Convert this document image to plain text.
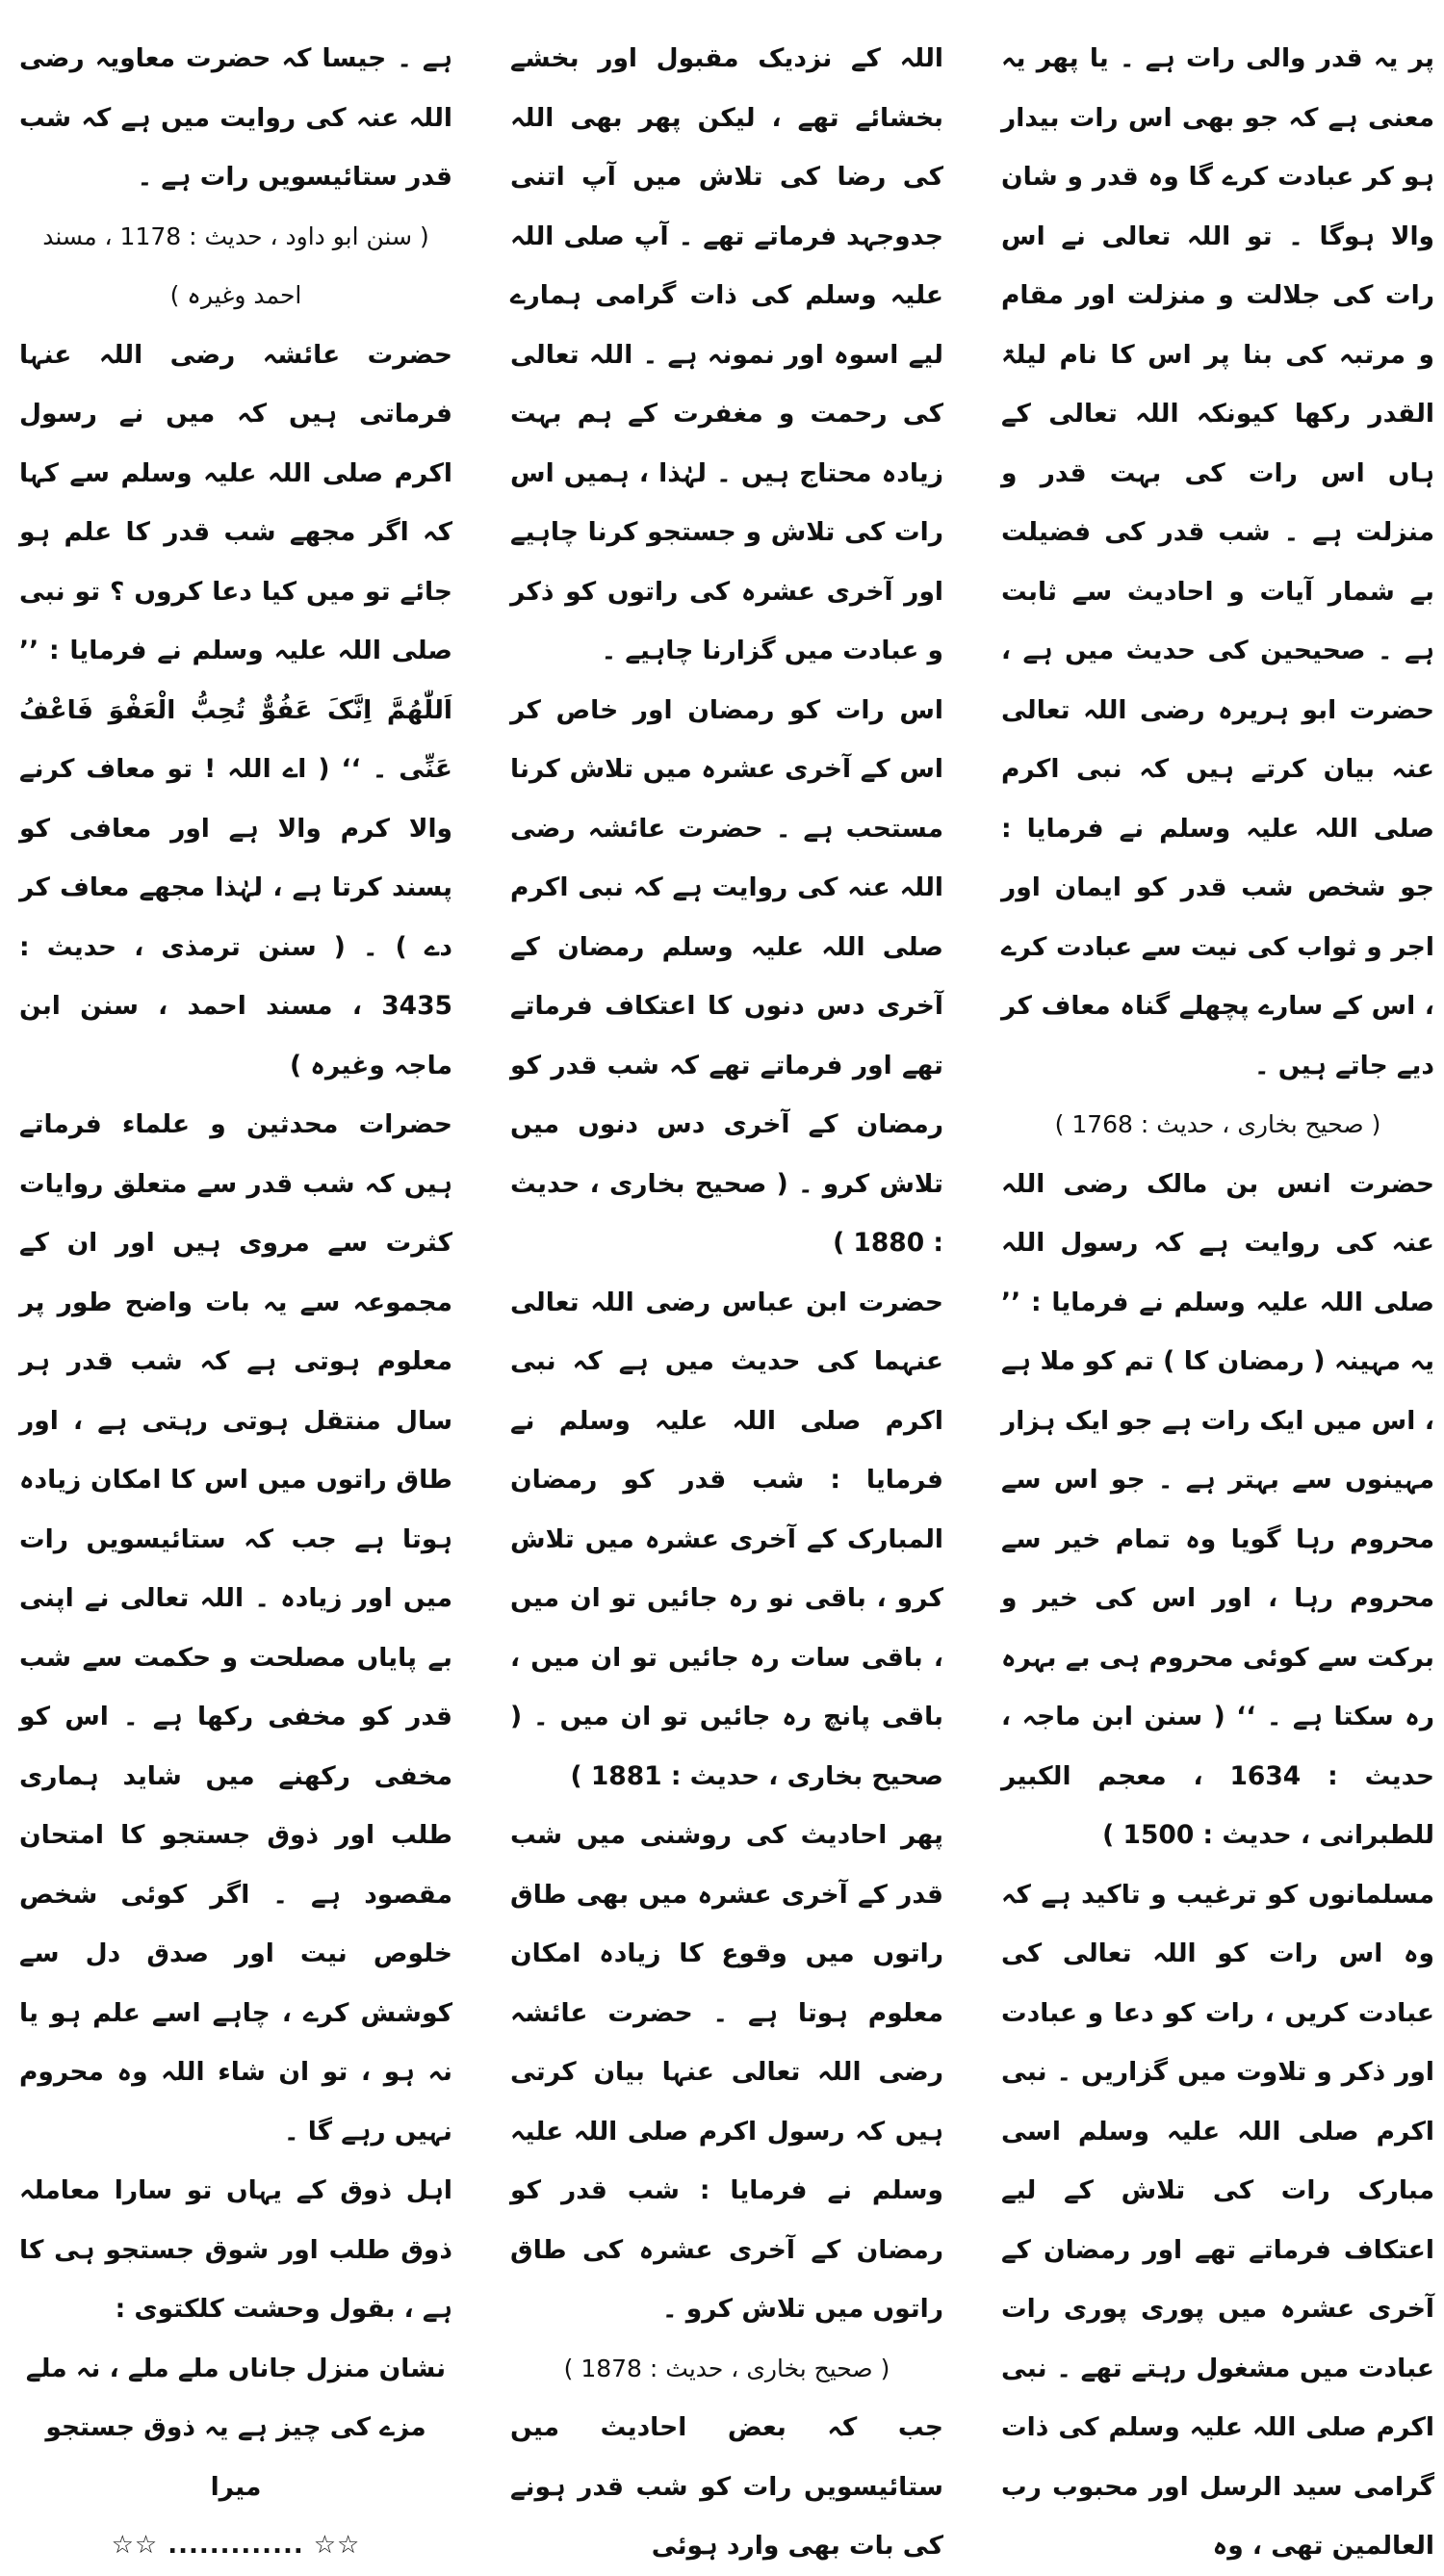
پر یہ قدر والی رات ہے ۔ یا پھر یہ معنی ہے کہ جو بھی اس رات بیدار ہو کر عبادت کرے گا وہ قدر و شان والا ہوگا ۔ تو اللہ تعالی نے اس رات کی جلالت و منزلت اور مقام و مرتبہ کی بنا پر اس کا نام لیلۃ القدر رکھا کیونکہ اللہ تعالی کے ہاں اس رات کی بہت قدر و منزلت ہے ۔ شب قدر کی فضیلت بے شمار آیات و احادیث سے ثابت ہے ۔ صحیحین کی حدیث میں ہے ، حضرت ابو ہریرہ رضی اللہ تعالی عنہ بیان کرتے ہیں کہ نبی اکرم صلی اللہ علیہ وسلم نے فرمایا : جو شخص شب قدر کو ایمان اور اجر و ثواب کی نیت سے عبادت کرے ، اس کے سارے پچھلے گناہ معاف کر دیے جاتے ہیں ۔

( صحیح بخاری ، حدیث : 1768 )

حضرت انس بن مالک رضی اللہ عنہ کی روایت ہے کہ رسول اللہ صلی اللہ علیہ وسلم نے فرمایا : ’’ یہ مہینہ ( رمضان کا ) تم کو ملا ہے ، اس میں ایک رات ہے جو ایک ہزار مہینوں سے بہتر ہے ۔ جو اس سے محروم رہا گویا وہ تمام خیر سے محروم رہا ، اور اس کی خیر و برکت سے کوئی محروم ہی بے بہرہ رہ سکتا ہے ۔ ‘‘ ( سنن ابن ماجہ ، حدیث : 1634 ، معجم الکبیر للطبرانی ، حدیث : 1500 )

مسلمانوں کو ترغیب و تاکید ہے کہ وہ اس رات کو اللہ تعالی کی عبادت کریں ، رات کو دعا و عبادت اور ذکر و تلاوت میں گزاریں ۔ نبی اکرم صلی اللہ علیہ وسلم اسی مبارک رات کی تلاش کے لیے اعتکاف فرماتے تھے اور رمضان کے آخری عشرہ میں پوری پوری رات عبادت میں مشغول رہتے تھے ۔ نبی اکرم صلی اللہ علیہ وسلم کی ذات گرامی سید الرسل اور محبوب رب العالمین تھی ، وہ

اللہ کے نزدیک مقبول اور بخشے بخشائے تھے ، لیکن پھر بھی اللہ کی رضا کی تلاش میں آپ اتنی جدوجہد فرماتے تھے ۔ آپ صلی اللہ علیہ وسلم کی ذات گرامی ہمارے لیے اسوہ اور نمونہ ہے ۔ اللہ تعالی کی رحمت و مغفرت کے ہم بہت زیادہ محتاج ہیں ۔ لہٰذا ، ہمیں اس رات کی تلاش و جستجو کرنا چاہیے اور آخری عشرہ کی راتوں کو ذکر و عبادت میں گزارنا چاہیے ۔

اس رات کو رمضان اور خاص کر اس کے آخری عشرہ میں تلاش کرنا مستحب ہے ۔ حضرت عائشہ رضی اللہ عنہ کی روایت ہے کہ نبی اکرم صلی اللہ علیہ وسلم رمضان کے آخری دس دنوں کا اعتکاف فرماتے تھے اور فرماتے تھے کہ شب قدر کو رمضان کے آخری دس دنوں میں تلاش کرو ۔ ( صحیح بخاری ، حدیث : 1880 )

حضرت ابن عباس رضی اللہ تعالی عنہما کی حدیث میں ہے کہ نبی اکرم صلی اللہ علیہ وسلم نے فرمایا : شب قدر کو رمضان المبارک کے آخری عشرہ میں تلاش کرو ، باقی نو رہ جائیں تو ان میں ، باقی سات رہ جائیں تو ان میں ، باقی پانچ رہ جائیں تو ان میں ۔ ( صحیح بخاری ، حدیث : 1881 )

پھر احادیث کی روشنی میں شب قدر کے آخری عشرہ میں بھی طاق راتوں میں وقوع کا زیادہ امکان معلوم ہوتا ہے ۔ حضرت عائشہ رضی اللہ تعالی عنہا بیان کرتی ہیں کہ رسول اکرم صلی اللہ علیہ وسلم نے فرمایا : شب قدر کو رمضان کے آخری عشرہ کی طاق راتوں میں تلاش کرو ۔

( صحیح بخاری ، حدیث : 1878 )

جب کہ بعض احادیث میں ستائیسویں رات کو شب قدر ہونے کی بات بھی وارد ہوئی

ہے ۔ جیسا کہ حضرت معاویہ رضی اللہ عنہ کی روایت میں ہے کہ شب قدر ستائیسویں رات ہے ۔

( سنن ابو داود ، حدیث : 1178 ، مسند احمد وغیرہ )

حضرت عائشہ رضی اللہ عنہا فرماتی ہیں کہ میں نے رسول اکرم صلی اللہ علیہ وسلم سے کہا کہ اگر مجھے شب قدر کا علم ہو جائے تو میں کیا دعا کروں ؟ تو نبی صلی اللہ علیہ وسلم نے فرمایا : ’’ اَللّٰھُمَّ اِنَّکَ عَفُوٌّ تُحِبُّ الْعَفْوَ فَاعْفُ عَنِّی ۔ ‘‘ ( اے اللہ ! تو معاف کرنے والا کرم والا ہے اور معافی کو پسند کرتا ہے ، لہٰذا مجھے معاف کر دے ) ۔ ( سنن ترمذی ، حدیث : 3435 ، مسند احمد ، سنن ابن ماجہ وغیرہ )

حضرات محدثین و علماء فرماتے ہیں کہ شب قدر سے متعلق روایات کثرت سے مروی ہیں اور ان کے مجموعہ سے یہ بات واضح طور پر معلوم ہوتی ہے کہ شب قدر ہر سال منتقل ہوتی رہتی ہے ، اور طاق راتوں میں اس کا امکان زیادہ ہوتا ہے جب کہ ستائیسویں رات میں اور زیادہ ۔ اللہ تعالی نے اپنی بے پایاں مصلحت و حکمت سے شب قدر کو مخفی رکھا ہے ۔ اس کو مخفی رکھنے میں شاید ہماری طلب اور ذوق جستجو کا امتحان مقصود ہے ۔ اگر کوئی شخص خلوص نیت اور صدق دل سے کوشش کرے ، چاہے اسے علم ہو یا نہ ہو ، تو ان شاء اللہ وہ محروم نہیں رہے گا ۔

اہل ذوق کے یہاں تو سارا معاملہ ذوق طلب اور شوق جستجو ہی کا ہے ، بقول وحشت کلکتوی :

نشان منزل جاناں ملے ملے ، نہ ملے

مزے کی چیز ہے یہ ذوق جستجو میرا

☆☆ ............. ☆☆
